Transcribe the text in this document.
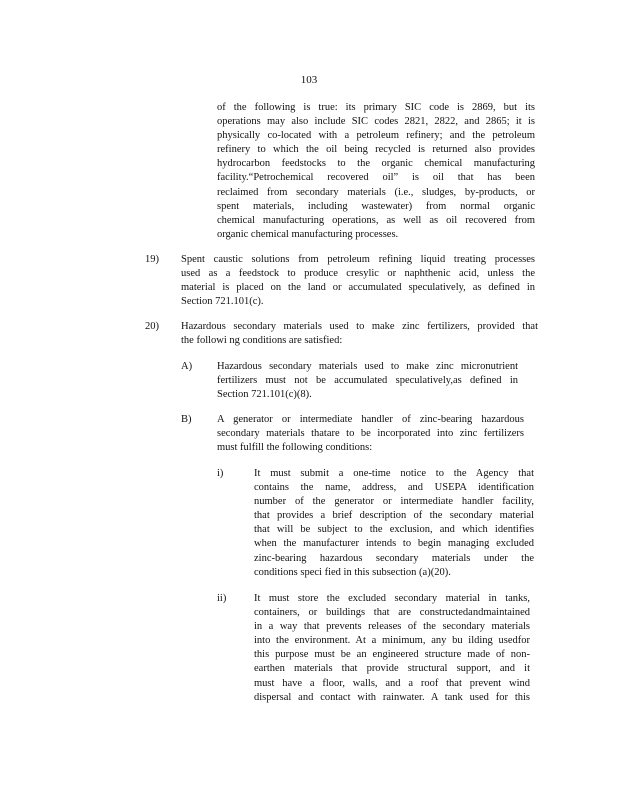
103

of the following is true: its primary SIC code is 2869, but its

operations may also include SIC codes 2821, 2822, and 2865; it is

physically co-located with a petroleum refinery; and the petroleum

refinery to which the oil being recycled is returned also provides

hydrocarbon feedstocks to the organic chemical manufacturing

facility.“Petrochemical recovered oil” is oil that has been

reclaimed from secondary materials (i.e., sludges, by-products, or

spent materials, including wastewater) from normal organic

chemical manufacturing operations, as well as oil recovered from

organic chemical manufacturing processes.

19) Spent caustic solutions from petroleum refining liquid treating processes

used as a feedstock to produce cresylic or naphthenic acid, unless the

material is placed on the land or accumulated speculatively, as defined in

Section 721.101(c).

20) Hazardous secondary materials used to make zinc fertilizers, provided that

the followi ng conditions are satisfied:

A) Hazardous secondary materials used to make zinc micronutrient

fertilizers must not be accumulated speculatively,as defined in

Section 721.101(c)(8).

B) A generator or intermediate handler of zinc-bearing hazardous

secondary materials thatare to be incorporated into zinc fertilizers

must fulfill the following conditions:

i)	It must submit a one-time notice to the Agency that

contains the name, address, and USEPA identification

number of the generator or intermediate handler facility,

that provides a brief description of the secondary material

that will be subject to the exclusion, and which identifies

when the manufacturer intends to begin managing excluded

zinc-bearing hazardous secondary materials under the

conditions speci fied in this subsection (a)(20).

ii)	It must store the excluded secondary material in tanks,

containers, or buildings that are constructedandmaintained

in a way that prevents releases of the secondary materials

into the environment. At a minimum, any bu ilding usedfor

this purpose must be an engineered structure made of non-

earthen materials that provide structural support, and it

must have a floor, walls, and a roof that prevent wind

dispersal and contact with rainwater. A tank used for this
